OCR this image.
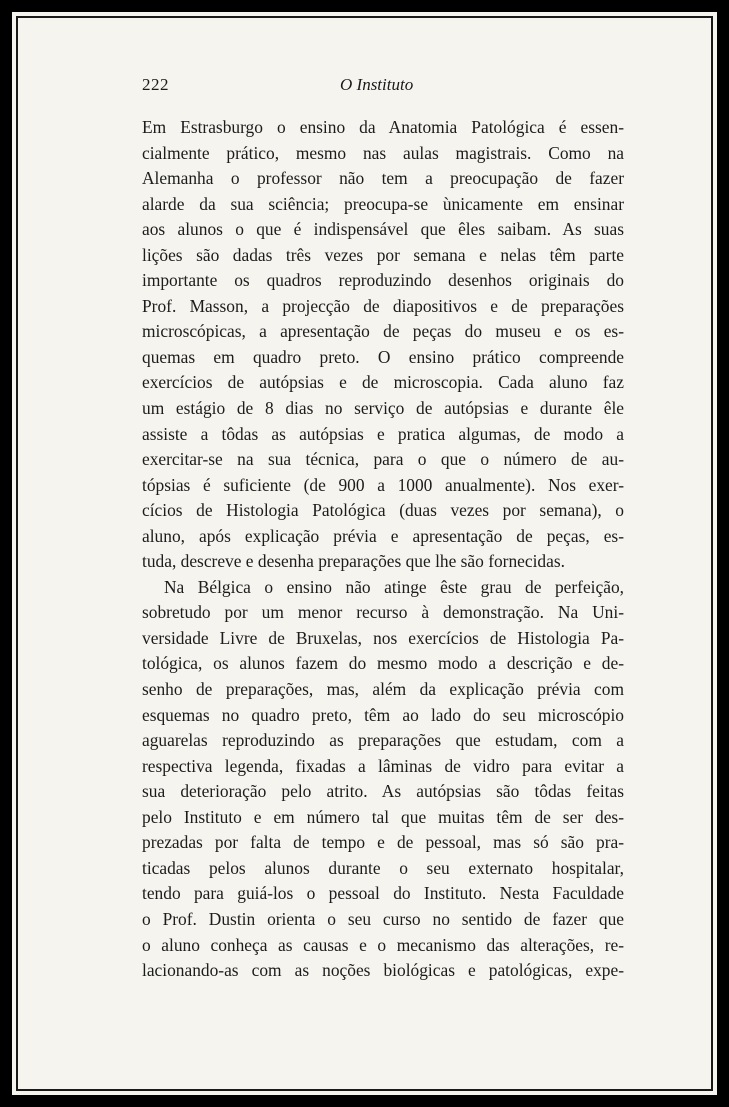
222	O Instituto
Em Estrasburgo o ensino da Anatomia Patológica é essen-
cialmente prático, mesmo nas aulas magistrais. Como na
Alemanha o professor não tem a preocupação de fazer
alarde da sua sciência; preocupa-se ùnicamente em ensinar
aos alunos o que é indispensável que êles saibam. As suas
lições são dadas três vezes por semana e nelas têm parte
importante os quadros reproduzindo desenhos originais do
Prof. Masson, a projecção de diapositivos e de preparações
microscópicas, a apresentação de peças do museu e os es-
quemas em quadro preto. O ensino prático compreende
exercícios de autópsias e de microscopia. Cada aluno faz
um estágio de 8 dias no serviço de autópsias e durante êle
assiste a tôdas as autópsias e pratica algumas, de modo a
exercitar-se na sua técnica, para o que o número de au-
tópsias é suficiente (de 900 a 1000 anualmente). Nos exer-
cícios de Histologia Patológica (duas vezes por semana), o
aluno, após explicação prévia e apresentação de peças, es-
tuda, descreve e desenha preparações que lhe são fornecidas.
Na Bélgica o ensino não atinge êste grau de perfeição,
sobretudo por um menor recurso à demonstração. Na Uni-
versidade Livre de Bruxelas, nos exercícios de Histologia Pa-
tológica, os alunos fazem do mesmo modo a descrição e de-
senho de preparações, mas, além da explicação prévia com
esquemas no quadro preto, têm ao lado do seu microscópio
aguarelas reproduzindo as preparações que estudam, com a
respectiva legenda, fixadas a lâminas de vidro para evitar a
sua deterioração pelo atrito. As autópsias são tôdas feitas
pelo Instituto e em número tal que muitas têm de ser des-
prezadas por falta de tempo e de pessoal, mas só são pra-
ticadas pelos alunos durante o seu externato hospitalar,
tendo para guiá-los o pessoal do Instituto. Nesta Faculdade
o Prof. Dustin orienta o seu curso no sentido de fazer que
o aluno conheça as causas e o mecanismo das alterações, re-
lacionando-as com as noções biológicas e patológicas, expe-
